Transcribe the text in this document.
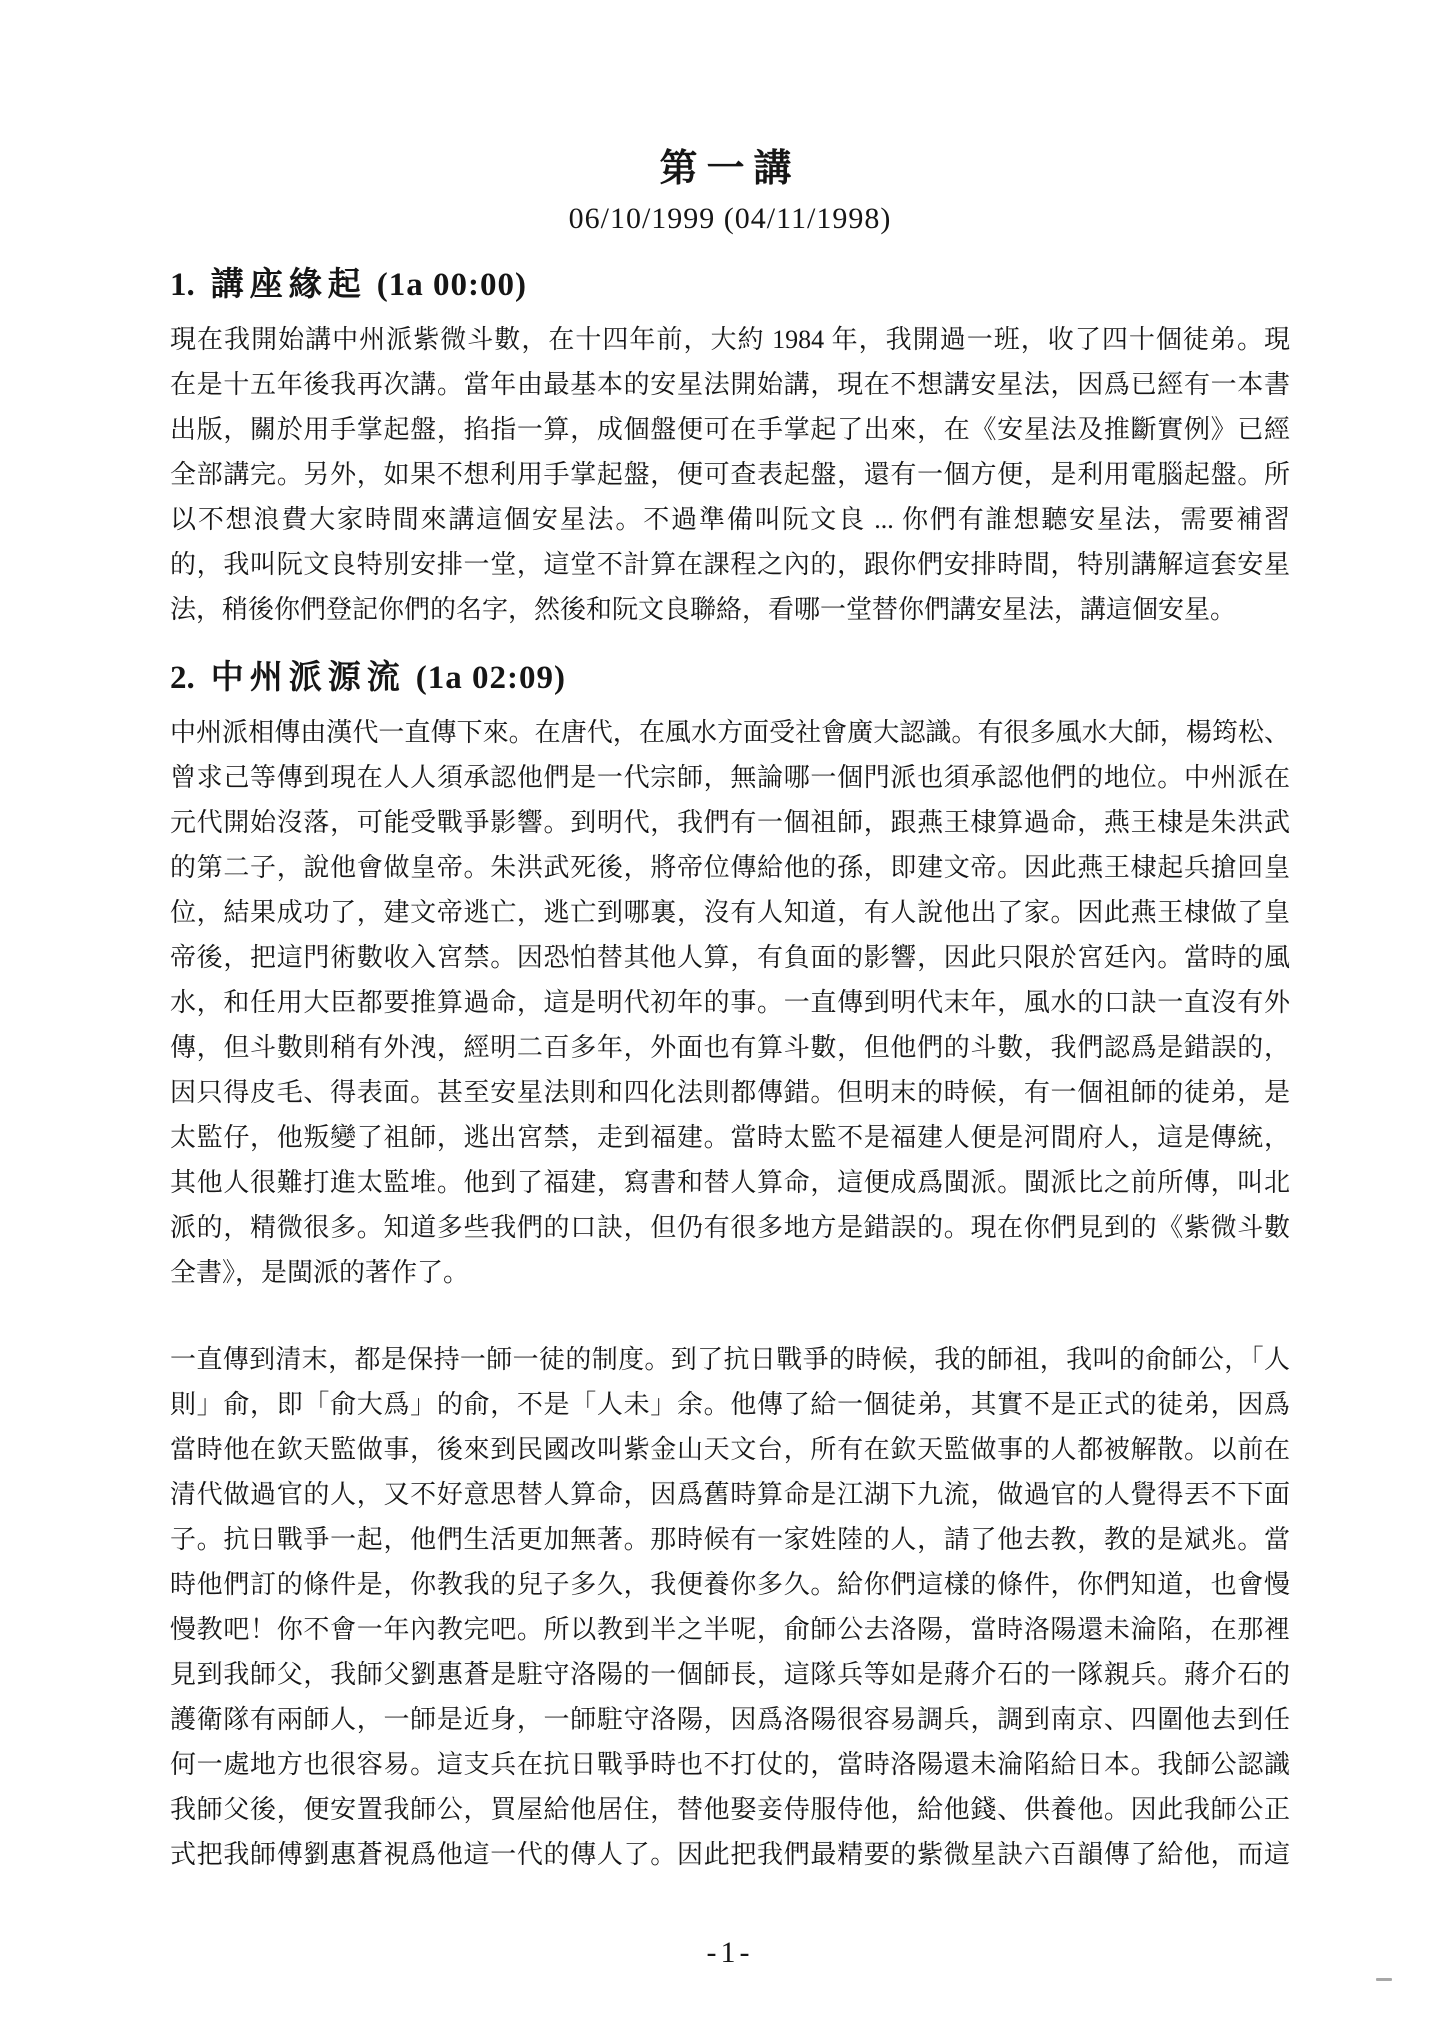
第一講
06/10/1999 (04/11/1998)
1. 講座緣起 (1a 00:00)
現在我開始講中州派紫微斗數，在十四年前，大約 1984 年，我開過一班，收了四十個徒弟。現
在是十五年後我再次講。當年由最基本的安星法開始講，現在不想講安星法，因爲已經有一本書
出版，關於用手掌起盤，掐指一算，成個盤便可在手掌起了出來，在《安星法及推斷實例》已經
全部講完。另外，如果不想利用手掌起盤，便可查表起盤，還有一個方便，是利用電腦起盤。所
以不想浪費大家時間來講這個安星法。不過準備叫阮文良 ... 你們有誰想聽安星法，需要補習
的，我叫阮文良特別安排一堂，這堂不計算在課程之內的，跟你們安排時間，特別講解這套安星
法，稍後你們登記你們的名字，然後和阮文良聯絡，看哪一堂替你們講安星法，講這個安星。
2. 中州派源流 (1a 02:09)
中州派相傳由漢代一直傳下來。在唐代，在風水方面受社會廣大認識。有很多風水大師，楊筠松、
曾求己等傳到現在人人須承認他們是一代宗師，無論哪一個門派也須承認他們的地位。中州派在
元代開始沒落，可能受戰爭影響。到明代，我們有一個祖師，跟燕王棣算過命，燕王棣是朱洪武
的第二子，說他會做皇帝。朱洪武死後，將帝位傳給他的孫，即建文帝。因此燕王棣起兵搶回皇
位，結果成功了，建文帝逃亡，逃亡到哪裏，沒有人知道，有人說他出了家。因此燕王棣做了皇
帝後，把這門術數收入宮禁。因恐怕替其他人算，有負面的影響，因此只限於宮廷內。當時的風
水，和任用大臣都要推算過命，這是明代初年的事。一直傳到明代末年，風水的口訣一直沒有外
傳，但斗數則稍有外洩，經明二百多年，外面也有算斗數，但他們的斗數，我們認爲是錯誤的，
因只得皮毛、得表面。甚至安星法則和四化法則都傳錯。但明末的時候，有一個祖師的徒弟，是
太監仔，他叛變了祖師，逃出宮禁，走到福建。當時太監不是福建人便是河間府人，這是傳統，
其他人很難打進太監堆。他到了福建，寫書和替人算命，這便成爲閩派。閩派比之前所傳，叫北
派的，精微很多。知道多些我們的口訣，但仍有很多地方是錯誤的。現在你們見到的《紫微斗數
全書》，是閩派的著作了。
一直傳到清末，都是保持一師一徒的制度。到了抗日戰爭的時候，我的師祖，我叫的俞師公，「人
則」俞，即「俞大爲」的俞，不是「人未」余。他傳了給一個徒弟，其實不是正式的徒弟，因爲
當時他在欽天監做事，後來到民國改叫紫金山天文台，所有在欽天監做事的人都被解散。以前在
清代做過官的人，又不好意思替人算命，因爲舊時算命是江湖下九流，做過官的人覺得丟不下面
子。抗日戰爭一起，他們生活更加無著。那時候有一家姓陸的人，請了他去教，教的是斌兆。當
時他們訂的條件是，你教我的兒子多久，我便養你多久。給你們這樣的條件，你們知道，也會慢
慢教吧！你不會一年內教完吧。所以教到半之半呢，俞師公去洛陽，當時洛陽還未淪陷，在那裡
見到我師父，我師父劉惠蒼是駐守洛陽的一個師長，這隊兵等如是蔣介石的一隊親兵。蔣介石的
護衛隊有兩師人，一師是近身，一師駐守洛陽，因爲洛陽很容易調兵，調到南京、四圍他去到任
何一處地方也很容易。這支兵在抗日戰爭時也不打仗的，當時洛陽還未淪陷給日本。我師公認識
我師父後，便安置我師公，買屋給他居住，替他娶妾侍服侍他，給他錢、供養他。因此我師公正
式把我師傅劉惠蒼視爲他這一代的傳人了。因此把我們最精要的紫微星訣六百韻傳了給他，而這
-1-
